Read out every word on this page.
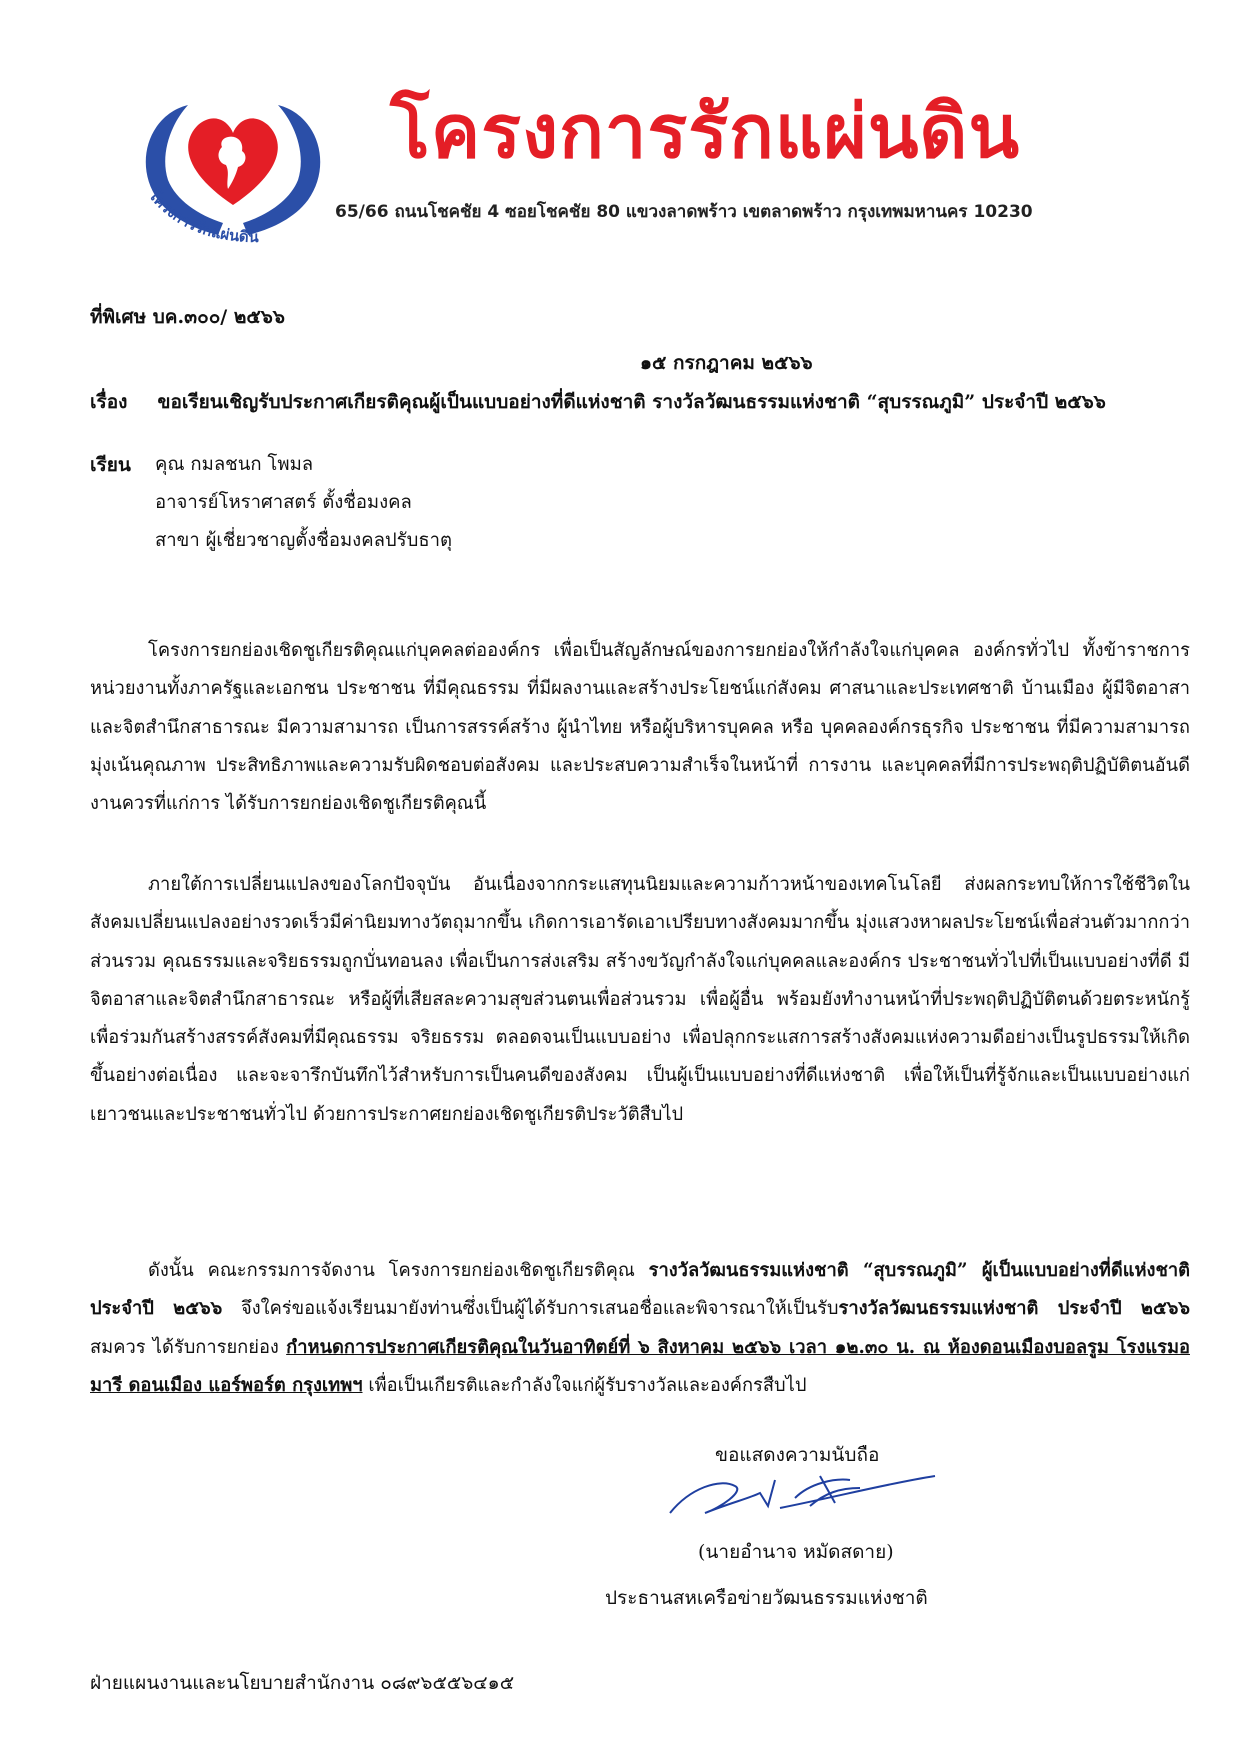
โครงการรักแผ่นดิน
โครงการรักแผ่นดิน
65/66 ถนนโชคชัย 4 ซอยโชคชัย 80 แขวงลาดพร้าว เขตลาดพร้าว กรุงเทพมหานคร 10230
ที่พิเศษ บค.๓๐๐/ ๒๕๖๖
๑๕ กรกฎาคม ๒๕๖๖
เรื่อง ขอเรียนเชิญรับประกาศเกียรติคุณผู้เป็นแบบอย่างที่ดีแห่งชาติ รางวัลวัฒนธรรมแห่งชาติ “สุบรรณภูมิ” ประจำปี ๒๕๖๖
เรียน คุณ กมลชนก โพมล
อาจารย์โหราศาสตร์ ตั้งชื่อมงคล
สาขา ผู้เชี่ยวชาญตั้งชื่อมงคลปรับธาตุ
โครงการยกย่องเชิดชูเกียรติคุณแก่บุคคลต่อองค์กร เพื่อเป็นสัญลักษณ์ของการยกย่องให้กำลังใจแก่บุคคล องค์กรทั่วไป ทั้งข้าราชการ หน่วยงานทั้งภาครัฐและเอกชน ประชาชน ที่มีคุณธรรม ที่มีผลงานและสร้างประโยชน์แก่สังคม ศาสนาและประเทศชาติ บ้านเมือง ผู้มีจิตอาสาและจิตสำนึกสาธารณะ มีความสามารถ เป็นการสรรค์สร้าง ผู้นำไทย หรือผู้บริหารบุคคล หรือ บุคคลองค์กรธุรกิจ ประชาชน ที่มีความสามารถมุ่งเน้นคุณภาพ ประสิทธิภาพและความรับผิดชอบต่อสังคม และประสบความสำเร็จในหน้าที่ การงาน และบุคคลที่มีการประพฤติปฏิบัติตนอันดีงานควรที่แก่การ ได้รับการยกย่องเชิดชูเกียรติคุณนี้
ภายใต้การเปลี่ยนแปลงของโลกปัจจุบัน อันเนื่องจากกระแสทุนนิยมและความก้าวหน้าของเทคโนโลยี ส่งผลกระทบให้การใช้ชีวิตในสังคมเปลี่ยนแปลงอย่างรวดเร็วมีค่านิยมทางวัตถุมากขึ้น เกิดการเอารัดเอาเปรียบทางสังคมมากขึ้น มุ่งแสวงหาผลประโยชน์เพื่อส่วนตัวมากกว่าส่วนรวม คุณธรรมและจริยธรรมถูกบั่นทอนลง เพื่อเป็นการส่งเสริม สร้างขวัญกำลังใจแก่บุคคลและองค์กร ประชาชนทั่วไปที่เป็นแบบอย่างที่ดี มีจิตอาสาและจิตสำนึกสาธารณะ หรือผู้ที่เสียสละความสุขส่วนตนเพื่อส่วนรวม เพื่อผู้อื่น พร้อมยังทำงานหน้าที่ประพฤติปฏิบัติตนด้วยตระหนักรู้ เพื่อร่วมกันสร้างสรรค์สังคมที่มีคุณธรรม จริยธรรม ตลอดจนเป็นแบบอย่าง เพื่อปลุกกระแสการสร้างสังคมแห่งความดีอย่างเป็นรูปธรรมให้เกิดขึ้นอย่างต่อเนื่อง และจะจารึกบันทึกไว้สำหรับการเป็นคนดีของสังคม เป็นผู้เป็นแบบอย่างที่ดีแห่งชาติ เพื่อให้เป็นที่รู้จักและเป็นแบบอย่างแก่เยาวชนและประชาชนทั่วไป ด้วยการประกาศยกย่องเชิดชูเกียรติประวัติสืบไป
ดังนั้น คณะกรรมการจัดงาน โครงการยกย่องเชิดชูเกียรติคุณ รางวัลวัฒนธรรมแห่งชาติ “สุบรรณภูมิ” ผู้เป็นแบบอย่างที่ดีแห่งชาติ ประจำปี ๒๕๖๖ จึงใคร่ขอแจ้งเรียนมายังท่านซึ่งเป็นผู้ได้รับการเสนอชื่อและพิจารณาให้เป็นรับรางวัลวัฒนธรรมแห่งชาติ ประจำปี ๒๕๖๖ สมควร ได้รับการยกย่อง กำหนดการประกาศเกียรติคุณในวันอาทิตย์ที่ ๖ สิงหาคม ๒๕๖๖ เวลา ๑๒.๓๐ น. ณ ห้องดอนเมืองบอลรูม โรงแรมอมารี ดอนเมือง แอร์พอร์ต กรุงเทพฯ เพื่อเป็นเกียรติและกำลังใจแก่ผู้รับรางวัลและองค์กรสืบไป
ขอแสดงความนับถือ
(นายอำนาจ หมัดสดาย)
ประธานสหเครือข่ายวัฒนธรรมแห่งชาติ
ฝ่ายแผนงานและนโยบายสำนักงาน ๐๘๙๖๕๕๖๔๑๕
